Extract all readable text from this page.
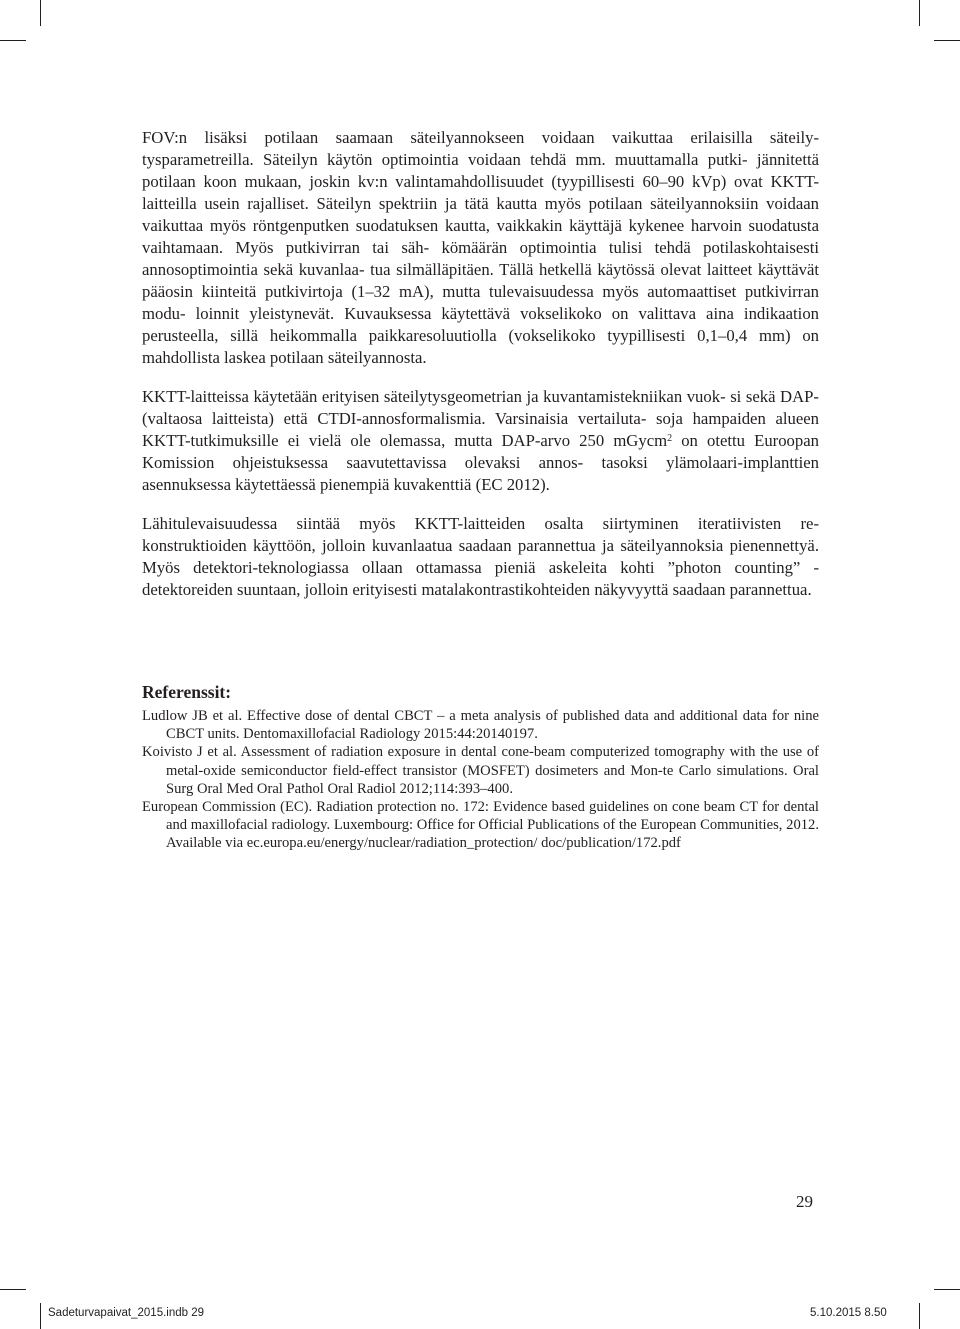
FOV:n lisäksi potilaan saamaan säteilyannokseen voidaan vaikuttaa erilaisilla säteily- tysparametreilla. Säteilyn käytön optimointia voidaan tehdä mm. muuttamalla putki- jännitettä potilaan koon mukaan, joskin kv:n valintamahdollisuudet (tyypillisesti 60–90 kVp) ovat KKTT-laitteilla usein rajalliset. Säteilyn spektriin ja tätä kautta myös potilaan säteilyannoksiin voidaan vaikuttaa myös röntgenputken suodatuksen kautta, vaikkakin käyttäjä kykenee harvoin suodatusta vaihtamaan. Myös putkivirran tai säh- kömäärän optimointia tulisi tehdä potilaskohtaisesti annosoptimointia sekä kuvanlaa- tua silmälläpitäen. Tällä hetkellä käytössä olevat laitteet käyttävät pääosin kiinteitä putkivirtoja (1–32 mA), mutta tulevaisuudessa myös automaattiset putkivirran modu- loinnit yleistynevät. Kuvauksessa käytettävä vokselikoko on valittava aina indikaation perusteella, sillä heikommalla paikkaresoluutiolla (vokselikoko tyypillisesti 0,1–0,4 mm) on mahdollista laskea potilaan säteilyannosta.

KKTT-laitteissa käytetään erityisen säteilytysgeometrian ja kuvantamistekniikan vuok- si sekä DAP- (valtaosa laitteista) että CTDI-annosformalismia. Varsinaisia vertailuta- soja hampaiden alueen KKTT-tutkimuksille ei vielä ole olemassa, mutta DAP-arvo 250 mGycm$^2$ on otettu Euroopan Komission ohjeistuksessa saavutettavissa olevaksi annos- tasoksi ylämolaari-implanttien asennuksessa käytettäessä pienempiä kuvakenttiä (EC 2012).

Lähitulevaisuudessa siintää myös KKTT-laitteiden osalta siirtyminen iteratiivisten re- konstruktioiden käyttöön, jolloin kuvanlaatua saadaan parannettua ja säteilyannoksia pienennettyä. Myös detektori-teknologiassa ollaan ottamassa pieniä askeleita kohti ”photon counting” -detektoreiden suuntaan, jolloin erityisesti matalakontrastikohteiden näkyvyyttä saadaan parannettua.

Referenssit:

Ludlow JB et al. Effective dose of dental CBCT – a meta analysis of published data and additional data for nine CBCT units. Dentomaxillofacial Radiology 2015:44:20140197.

Koivisto J et al. Assessment of radiation exposure in dental cone-beam computerized tomography with the use of metal-oxide semiconductor field-effect transistor (MOSFET) dosimeters and Mon-te Carlo simulations. Oral Surg Oral Med Oral Pathol Oral Radiol 2012;114:393–400.

European Commission (EC). Radiation protection no. 172: Evidence based guidelines on cone beam CT for dental and maxillofacial radiology. Luxembourg: Office for Official Publications of the European Communities, 2012. Available via ec.europa.eu/energy/nuclear/radiation_protection/ doc/publication/172.pdf

29
Sadeturvapaivat_2015.indb 29	5.10.2015 8.50
